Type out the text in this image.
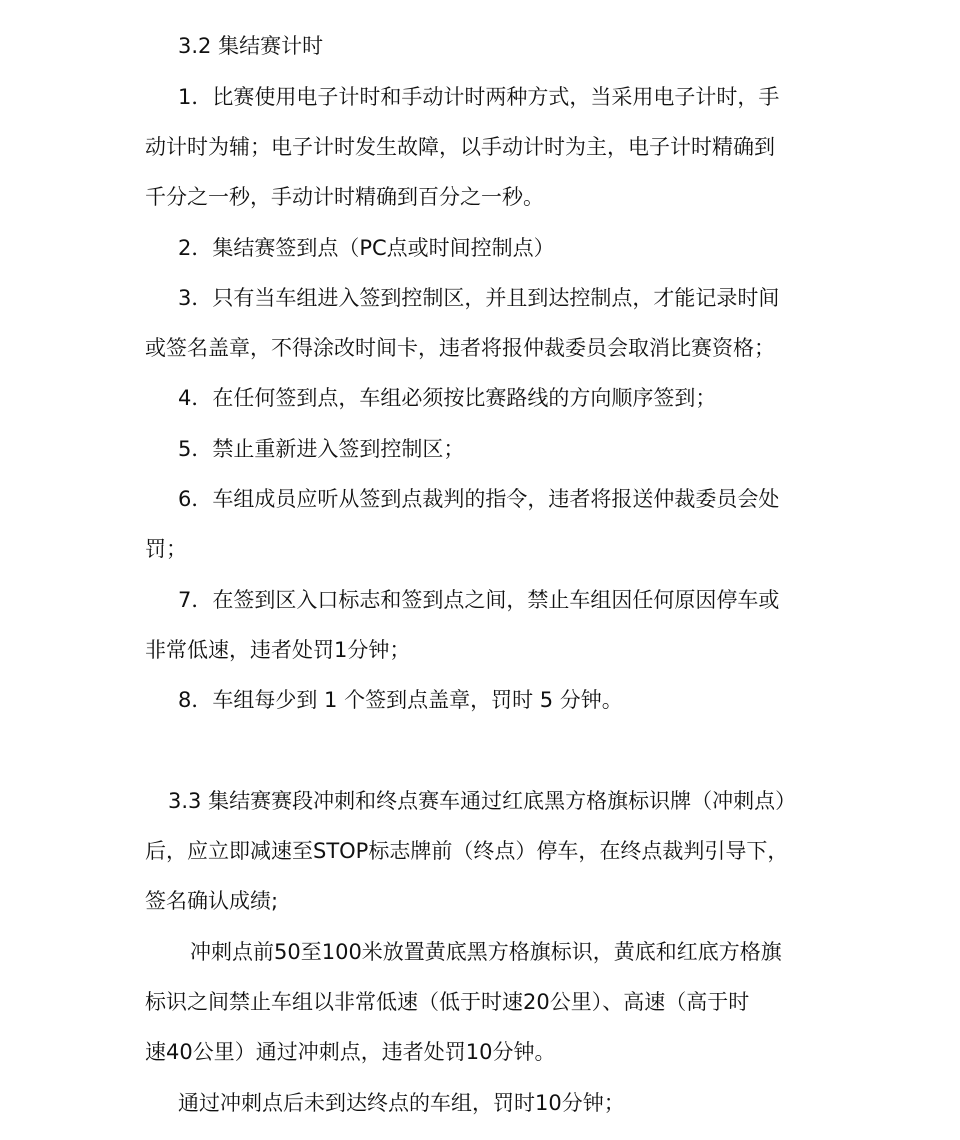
3.2 集结赛计时
1．比赛使用电子计时和手动计时两种方式，当采用电子计时，手
动计时为辅；电子计时发生故障，以手动计时为主，电子计时精确到
千分之一秒，手动计时精确到百分之一秒。
2．集结赛签到点（PC点或时间控制点）
3．只有当车组进入签到控制区，并且到达控制点，才能记录时间
或签名盖章，不得涂改时间卡，违者将报仲裁委员会取消比赛资格；
4．在任何签到点，车组必须按比赛路线的方向顺序签到；
5．禁止重新进入签到控制区；
6．车组成员应听从签到点裁判的指令，违者将报送仲裁委员会处
罚；
7．在签到区入口标志和签到点之间，禁止车组因任何原因停车或
非常低速，违者处罚1分钟；
8．车组每少到 1 个签到点盖章，罚时 5 分钟。
3.3 集结赛赛段冲刺和终点赛车通过红底黑方格旗标识牌（冲刺点）
后，应立即减速至STOP标志牌前（终点）停车，在终点裁判引导下，
签名确认成绩;
冲刺点前50至100米放置黄底黑方格旗标识，黄底和红底方格旗
标识之间禁止车组以非常低速（低于时速20公里）、高速（高于时
速40公里）通过冲刺点，违者处罚10分钟。
通过冲刺点后未到达终点的车组，罚时10分钟；
